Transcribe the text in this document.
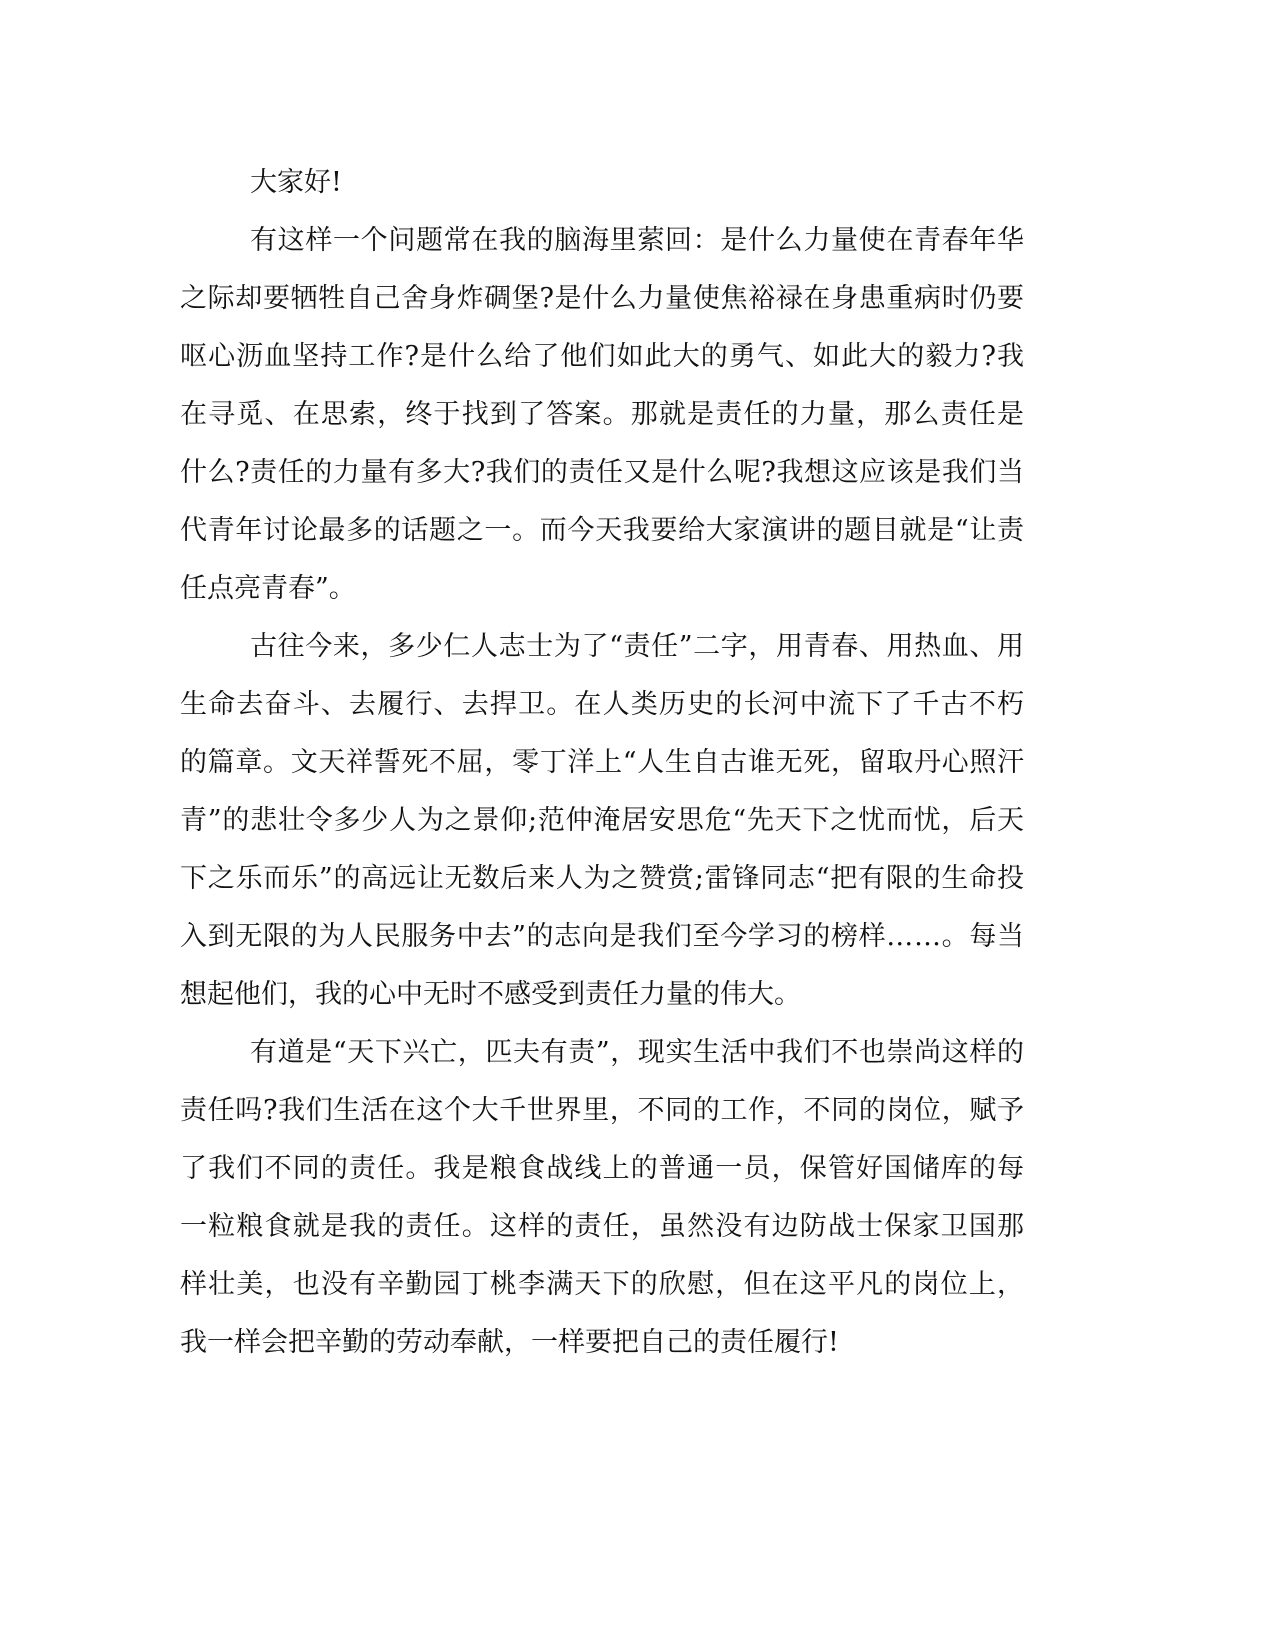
大家好!

有这样一个问题常在我的脑海里萦回：是什么力量使在青春年华

之际却要牺牲自己舍身炸碉堡?是什么力量使焦裕禄在身患重病时仍要

呕心沥血坚持工作?是什么给了他们如此大的勇气、如此大的毅力?我

在寻觅、在思索，终于找到了答案。那就是责任的力量，那么责任是

什么?责任的力量有多大?我们的责任又是什么呢?我想这应该是我们当

代青年讨论最多的话题之一。而今天我要给大家演讲的题目就是“让责

任点亮青春”。

古往今来，多少仁人志士为了“责任”二字，用青春、用热血、用

生命去奋斗、去履行、去捍卫。在人类历史的长河中流下了千古不朽

的篇章。文天祥誓死不屈，零丁洋上“人生自古谁无死，留取丹心照汗

青”的悲壮令多少人为之景仰;范仲淹居安思危“先天下之忧而忧，后天

下之乐而乐”的高远让无数后来人为之赞赏;雷锋同志“把有限的生命投

入到无限的为人民服务中去”的志向是我们至今学习的榜样……。每当

想起他们，我的心中无时不感受到责任力量的伟大。

有道是“天下兴亡，匹夫有责”，现实生活中我们不也崇尚这样的

责任吗?我们生活在这个大千世界里，不同的工作，不同的岗位，赋予

了我们不同的责任。我是粮食战线上的普通一员，保管好国储库的每

一粒粮食就是我的责任。这样的责任，虽然没有边防战士保家卫国那

样壮美，也没有辛勤园丁桃李满天下的欣慰，但在这平凡的岗位上，

我一样会把辛勤的劳动奉献，一样要把自己的责任履行!
